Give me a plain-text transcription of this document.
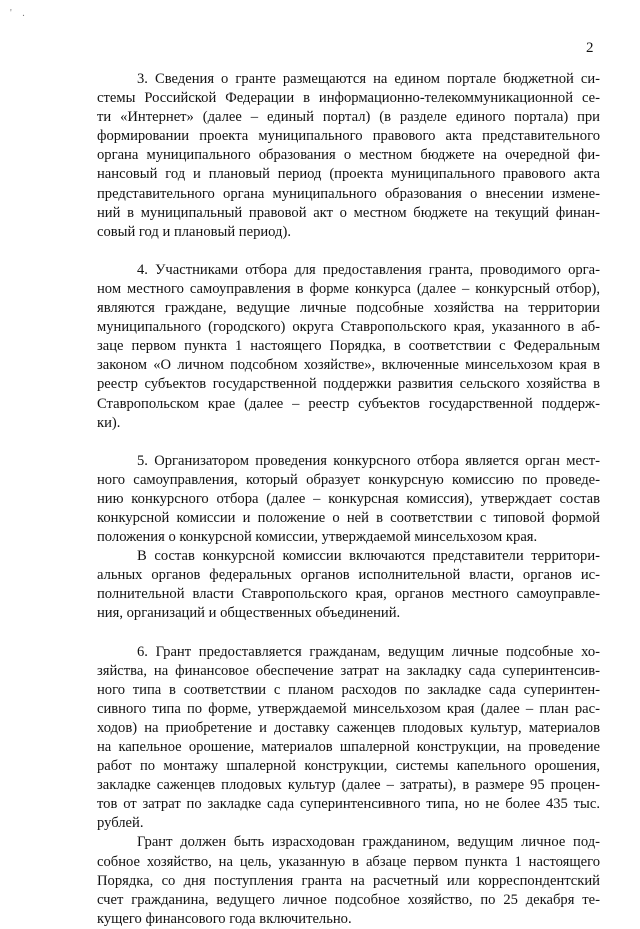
' .
2
3. Сведения о гранте размещаются на едином портале бюджетной си-
стемы Российской Федерации в информационно-телекоммуникационной се-
ти «Интернет» (далее – единый портал) (в разделе единого портала) при
формировании проекта муниципального правового акта представительного
органа муниципального образования о местном бюджете на очередной фи-
нансовый год и плановый период (проекта муниципального правового акта
представительного органа муниципального образования о внесении измене-
ний в муниципальный правовой акт о местном бюджете на текущий финан-
совый год и плановый период).
4. Участниками отбора для предоставления гранта, проводимого орга-
ном местного самоуправления в форме конкурса (далее – конкурсный отбор),
являются граждане, ведущие личные подсобные хозяйства на территории
муниципального (городского) округа Ставропольского края, указанного в аб-
заце первом пункта 1 настоящего Порядка, в соответствии с Федеральным
законом «О личном подсобном хозяйстве», включенные минсельхозом края в
реестр субъектов государственной поддержки развития сельского хозяйства в
Ставропольском крае (далее – реестр субъектов государственной поддерж-
ки).
5. Организатором проведения конкурсного отбора является орган мест-
ного самоуправления, который образует конкурсную комиссию по проведе-
нию конкурсного отбора (далее – конкурсная комиссия), утверждает состав
конкурсной комиссии и положение о ней в соответствии с типовой формой
положения о конкурсной комиссии, утверждаемой минсельхозом края.
В состав конкурсной комиссии включаются представители территори-
альных органов федеральных органов исполнительной власти, органов ис-
полнительной власти Ставропольского края, органов местного самоуправле-
ния, организаций и общественных объединений.
6. Грант предоставляется гражданам, ведущим личные подсобные хо-
зяйства, на финансовое обеспечение затрат на закладку сада суперинтенсив-
ного типа в соответствии с планом расходов по закладке сада суперинтен-
сивного типа по форме, утверждаемой минсельхозом края (далее – план рас-
ходов) на приобретение и доставку саженцев плодовых культур, материалов
на капельное орошение, материалов шпалерной конструкции, на проведение
работ по монтажу шпалерной конструкции, системы капельного орошения,
закладке саженцев плодовых культур (далее – затраты), в размере 95 процен-
тов от затрат по закладке сада суперинтенсивного типа, но не более 435 тыс.
рублей.
Грант должен быть израсходован гражданином, ведущим личное под-
собное хозяйство, на цель, указанную в абзаце первом пункта 1 настоящего
Порядка, со дня поступления гранта на расчетный или корреспондентский
счет гражданина, ведущего личное подсобное хозяйство, по 25 декабря те-
кущего финансового года включительно.
